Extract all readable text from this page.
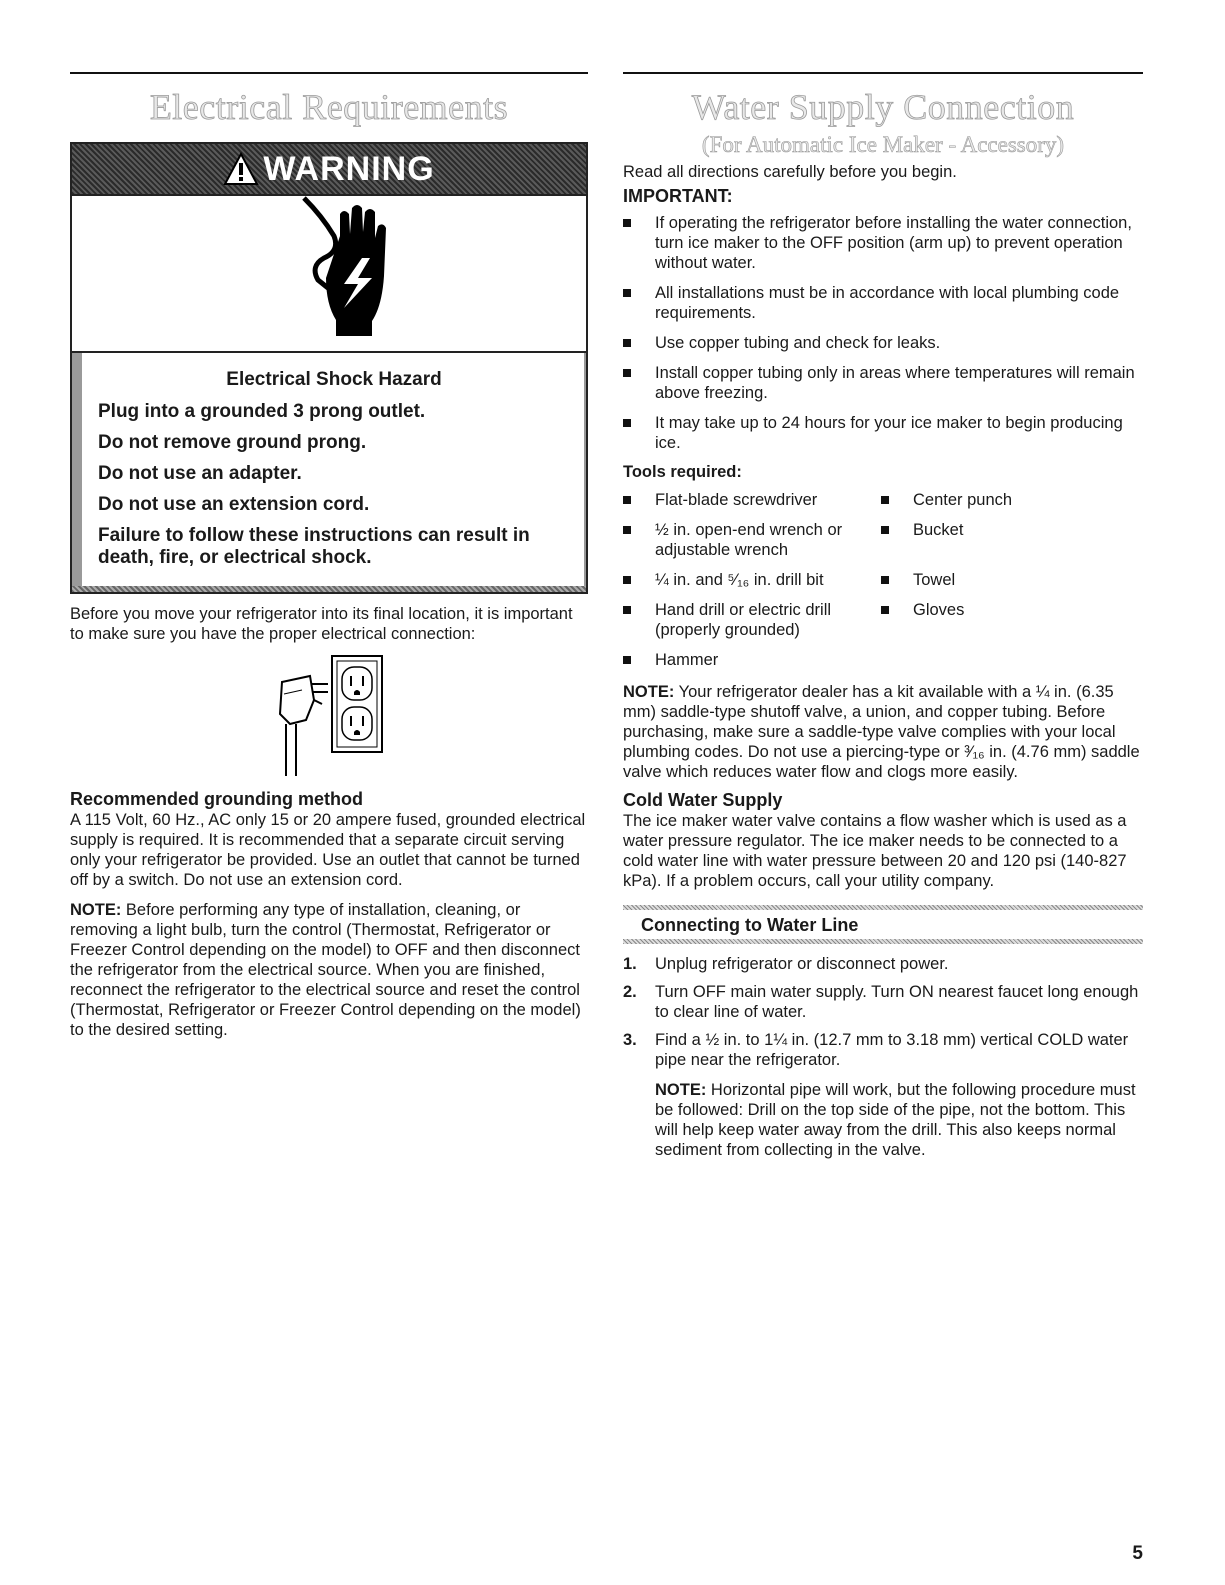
Electrical Requirements
WARNING

Electrical Shock Hazard

Plug into a grounded 3 prong outlet.

Do not remove ground prong.

Do not use an adapter.

Do not use an extension cord.

Failure to follow these instructions can result in death, fire, or electrical shock.

Before you move your refrigerator into its final location, it is important to make sure you have the proper electrical connection:

Recommended grounding method

A 115 Volt, 60 Hz., AC only 15 or 20 ampere fused, grounded electrical supply is required. It is recommended that a separate circuit serving only your refrigerator be provided. Use an outlet that cannot be turned off by a switch. Do not use an extension cord.

NOTE: Before performing any type of installation, cleaning, or removing a light bulb, turn the control (Thermostat, Refrigerator or Freezer Control depending on the model) to OFF and then disconnect the refrigerator from the electrical source. When you are finished, reconnect the refrigerator to the electrical source and reset the control (Thermostat, Refrigerator or Freezer Control depending on the model) to the desired setting.

Water Supply Connection
(For Automatic Ice Maker - Accessory)

Read all directions carefully before you begin.

IMPORTANT:

If operating the refrigerator before installing the water connection, turn ice maker to the OFF position (arm up) to prevent operation without water.
All installations must be in accordance with local plumbing code requirements.
Use copper tubing and check for leaks.
Install copper tubing only in areas where temperatures will remain above freezing.
It may take up to 24 hours for your ice maker to begin producing ice.

Tools required:

Flat-blade screwdriver
½ in. open-end wrench or adjustable wrench
¼ in. and ⁵⁄₁₆ in. drill bit
Hand drill or electric drill (properly grounded)
Hammer
Center punch
Bucket
Towel
Gloves

NOTE: Your refrigerator dealer has a kit available with a ¼ in. (6.35 mm) saddle-type shutoff valve, a union, and copper tubing. Before purchasing, make sure a saddle-type valve complies with your local plumbing codes. Do not use a piercing-type or ³⁄₁₆ in. (4.76 mm) saddle valve which reduces water flow and clogs more easily.

Cold Water Supply

The ice maker water valve contains a flow washer which is used as a water pressure regulator. The ice maker needs to be connected to a cold water line with water pressure between 20 and 120 psi (140-827 kPa). If a problem occurs, call your utility company.

Connecting to Water Line
1. Unplug refrigerator or disconnect power.
2. Turn OFF main water supply. Turn ON nearest faucet long enough to clear line of water.
3. Find a ½ in. to 1¼ in. (12.7 mm to 3.18 mm) vertical COLD water pipe near the refrigerator.

NOTE: Horizontal pipe will work, but the following procedure must be followed: Drill on the top side of the pipe, not the bottom. This will help keep water away from the drill. This also keeps normal sediment from collecting in the valve.

5
